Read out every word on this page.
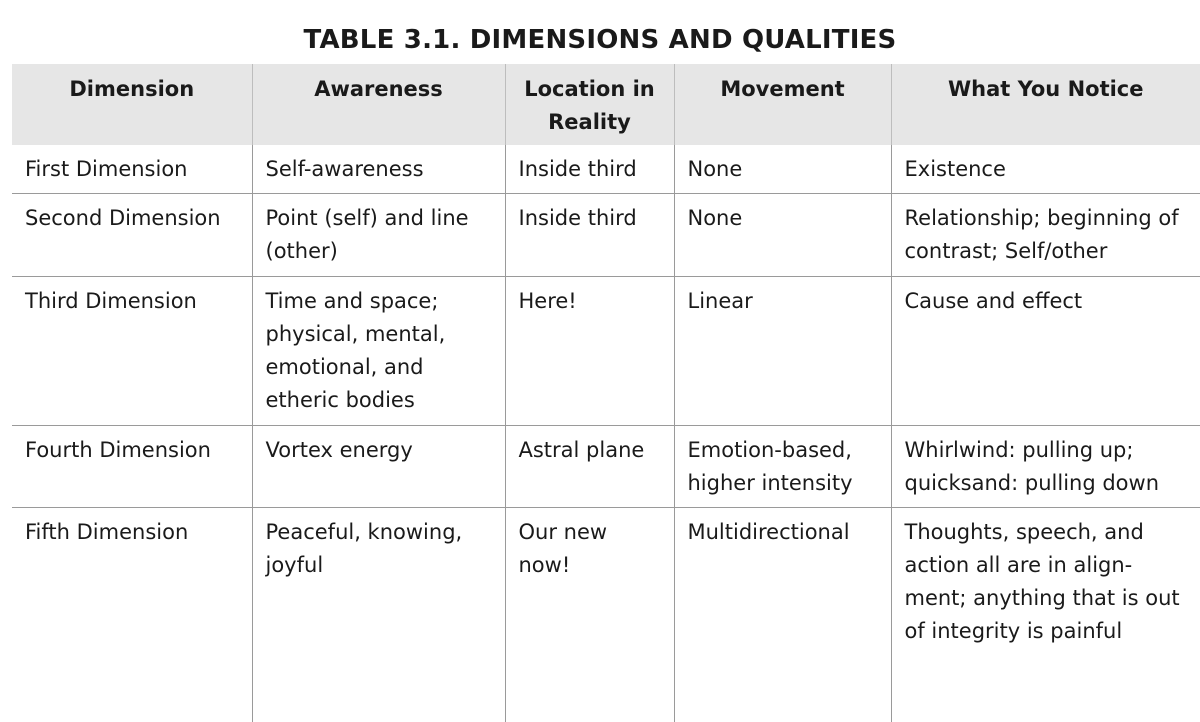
TABLE 3.1. DIMENSIONS AND QUALITIES
Dimension	Awareness	Location in Reality	Movement	What You Notice
First Dimension	Self-awareness	Inside third	None	Existence
Second Dimension	Point (self) and line (other)	Inside third	None	Relationship; beginning of contrast; Self/other
Third Dimension	Time and space; physical, mental, emotional, and etheric bodies	Here!	Linear	Cause and effect
Fourth Dimension	Vortex energy	Astral plane	Emotion-based, higher intensity	Whirlwind: pulling up; quicksand: pulling down
Fifth Dimension	Peaceful, knowing, joyful	Our new now!	Multidirectional	Thoughts, speech, and action all are in align-ment; anything that is out of integrity is painful
